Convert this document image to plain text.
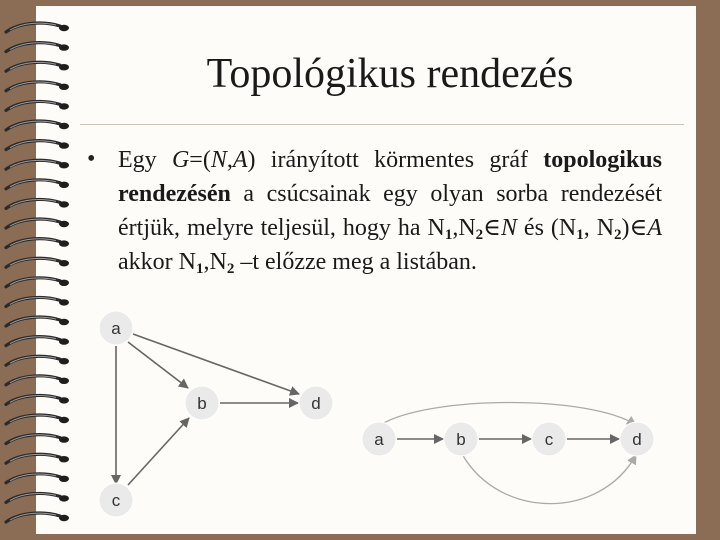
Topológikus rendezés
• Egy G=(N,A) irányított körmentes gráf topologikus rendezésén a csúcsainak egy olyan sorba rendezését értjük, melyre teljesül, hogy ha $N_1,N_2\in N$ és ($N_1$, $N_2)\in A$ akkor $N_1,N_2$ –t előzze meg a listában.
a
b	d
c
a	b	c	d
